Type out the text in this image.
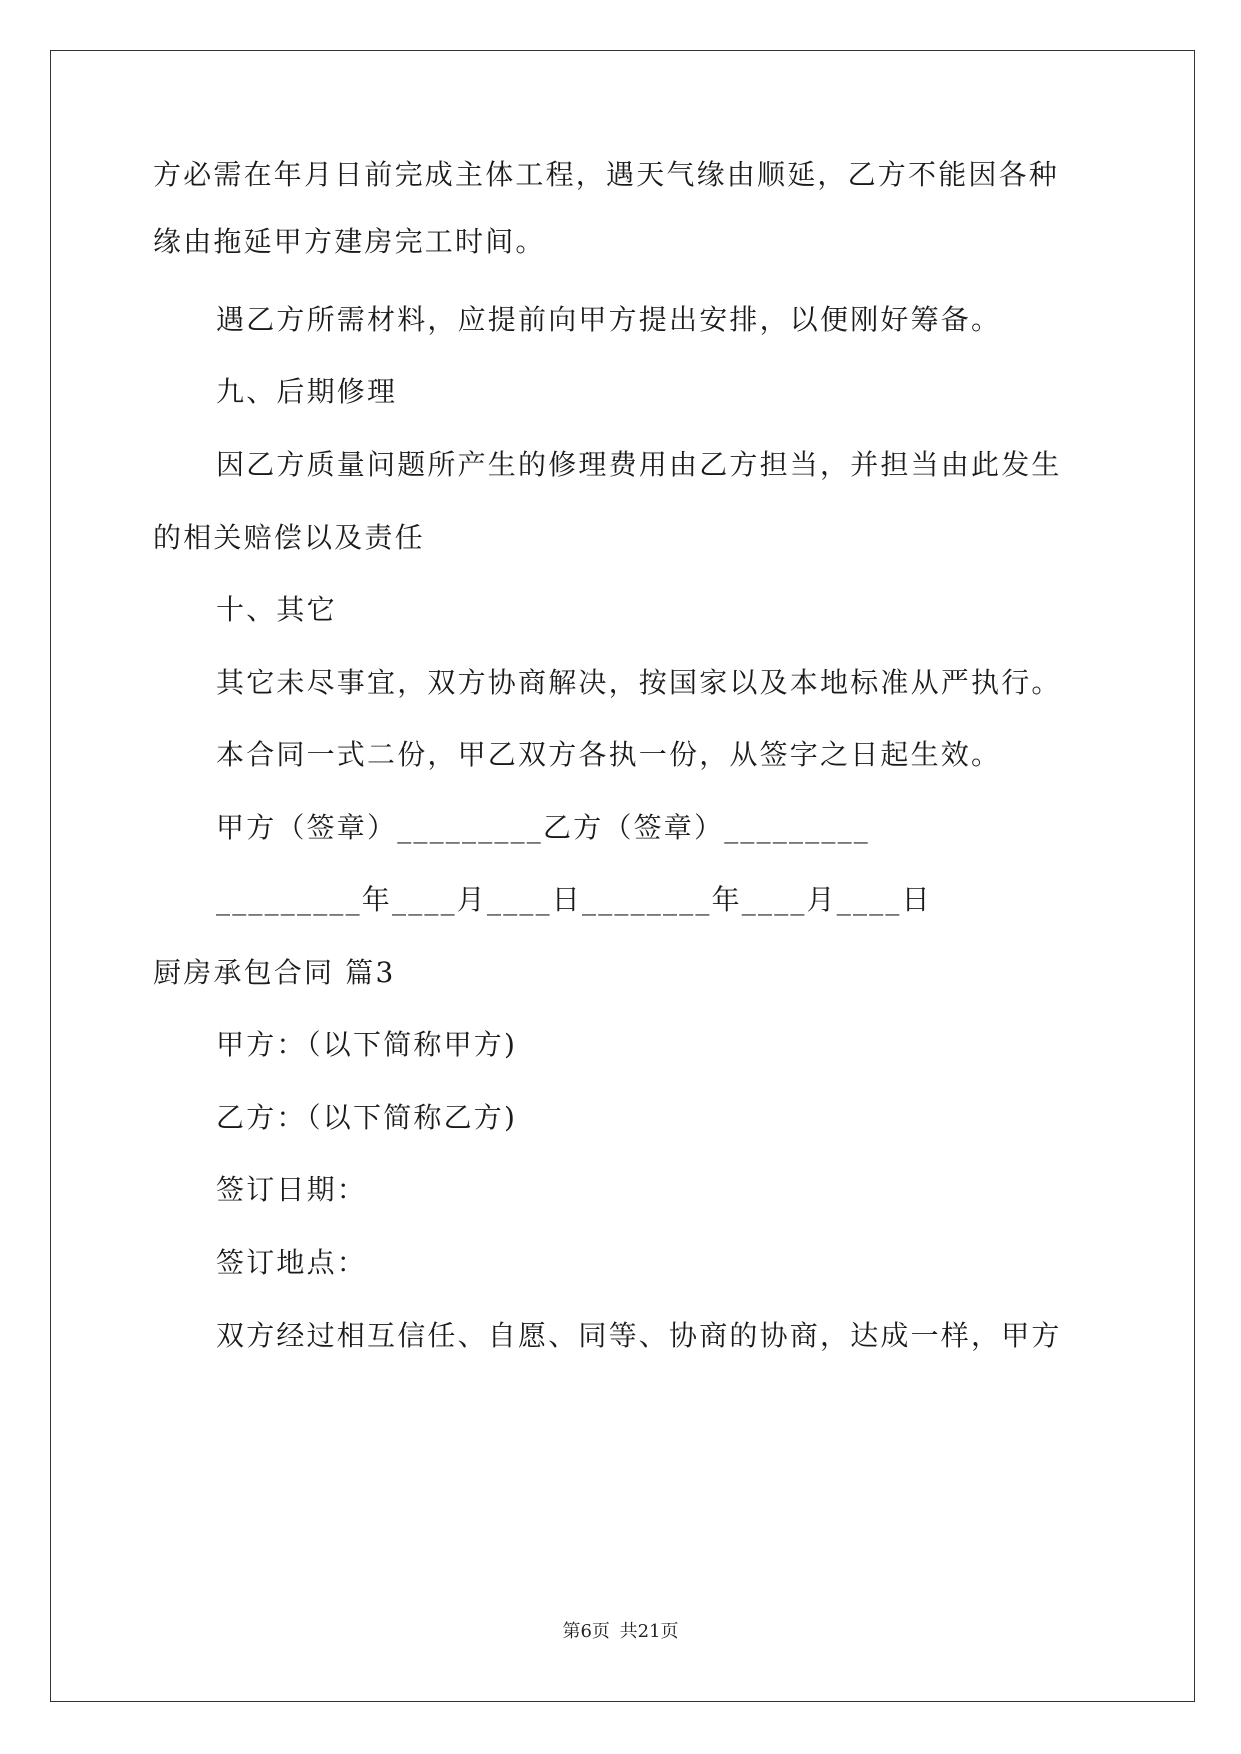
方必需在年月日前完成主体工程，遇天气缘由顺延，乙方不能因各种
缘由拖延甲方建房完工时间。
遇乙方所需材料，应提前向甲方提出安排，以便刚好筹备。
九、后期修理
因乙方质量问题所产生的修理费用由乙方担当，并担当由此发生
的相关赔偿以及责任
十、其它
其它未尽事宜，双方协商解决，按国家以及本地标准从严执行。
本合同一式二份，甲乙双方各执一份，从签字之日起生效。
甲方（签章）_________乙方（签章）_________
_________年____月____日________年____月____日
厨房承包合同 篇3
甲方：（以下简称甲方)
乙方：（以下简称乙方)
签订日期：
签订地点：
双方经过相互信任、自愿、同等、协商的协商，达成一样，甲方
第6页 共21页
